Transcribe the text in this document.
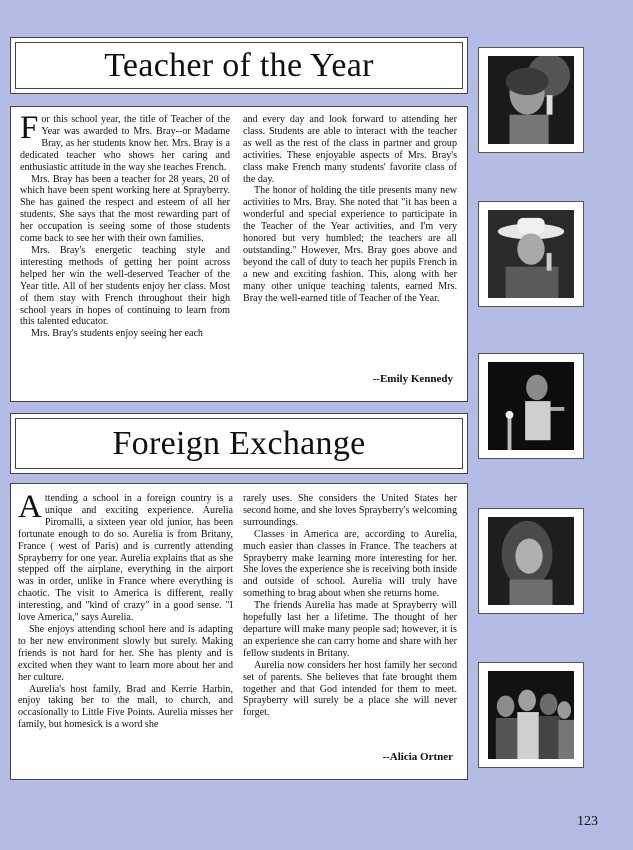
Teacher of the Year

For this school year, the title of Teacher of the Year was awarded to Mrs. Bray--or Madame Bray, as her students know her. Mrs. Bray is a dedicated teacher who shows her caring and enthusiastic attitude in the way she teaches French.

Mrs. Bray has been a teacher for 28 years, 20 of which have been spent working here at Sprayberry. She has gained the respect and esteem of all her students. She says that the most rewarding part of her occupation is seeing some of those students come back to see her with their own families.

Mrs. Bray's energetic teaching style and interesting methods of getting her point across helped her win the well-deserved Teacher of the Year title. All of her students enjoy her class. Most of them stay with French throughout their high school years in hopes of continuing to learn from this talented educator.

Mrs. Bray's students enjoy seeing her each

and every day and look forward to attending her class. Students are able to interact with the teacher as well as the rest of the class in partner and group activities. These enjoyable aspects of Mrs. Bray's class make French many students' favorite class of the day.

The honor of holding the title presents many new activities to Mrs. Bray. She noted that "it has been a wonderful and special experience to participate in the Teacher of the Year activities, and I'm very honored but very humbled; the teachers are all outstanding." However, Mrs. Bray goes above and beyond the call of duty to teach her pupils French in a new and exciting fashion. This, along with her many other unique teaching talents, earned Mrs. Bray the well-earned title of Teacher of the Year.

--Emily Kennedy
Foreign Exchange

Attending a school in a foreign country is a unique and exciting experience. Aurelia Piromalli, a sixteen year old junior, has been fortunate enough to do so. Aurelia is from Britany, France ( west of Paris) and is currently attending Sprayberry for one year. Aurelia explains that as she stepped off the airplane, everything in the airport was in order, unlike in France where everything is chaotic. The visit to America is different, really interesting, and "kind of crazy" in a good sense. "I love America," says Aurelia.

She enjoys attending school here and is adapting to her new environment slowly but surely. Making friends is not hard for her. She has plenty and is excited when they want to learn more about her and her culture.

Aurelia's host family, Brad and Kerrie Harbin, enjoy taking her to the mall, to church, and occasionally to Little Five Points. Aurelia misses her family, but homesick is a word she

rarely uses. She considers the United States her second home, and she loves Sprayberry's welcoming surroundings.

Classes in America are, according to Aurelia, much easier than classes in France. The teachers at Sprayberry make learning more interesting for her. She loves the experience she is receiving both inside and outside of school. Aurelia will truly have something to brag about when she returns home.

The friends Aurelia has made at Sprayberry will hopefully last her a lifetime. The thought of her departure will make many people sad; however, it is an experience she can carry home and share with her fellow students in Britany.

Aurelia now considers her host family her second set of parents. She believes that fate brought them together and that God intended for them to meet. Sprayberry will surely be a place she will never forget.

--Alicia Ortner
123
